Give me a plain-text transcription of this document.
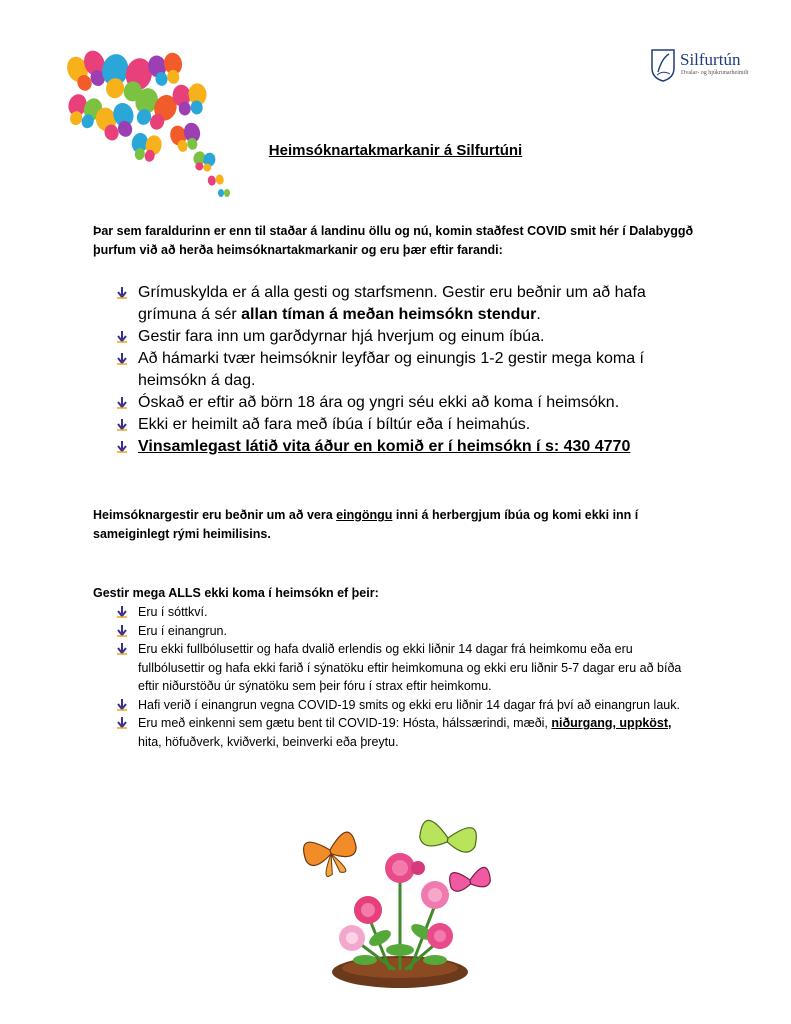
Silfurtún
Dvalar- og hjúkrunarheimili
Heimsóknartakmarkanir á Silfurtúni
Þar sem faraldurinn er enn til staðar á landinu öllu og nú, komin staðfest COVID smit hér í Dalabyggð þurfum við að herða heimsóknartakmarkanir og eru þær eftir farandi:
Grímuskylda er á alla gesti og starfsmenn. Gestir eru beðnir um að hafa grímuna á sér allan tíman á meðan heimsókn stendur.
Gestir fara inn um garðdyrnar hjá hverjum og einum íbúa.
Að hámarki tvær heimsóknir leyfðar og einungis 1-2 gestir mega koma í heimsókn á dag.
Óskað er eftir að börn 18 ára og yngri séu ekki að koma í heimsókn.
Ekki er heimilt að fara með íbúa í bíltúr eða í heimahús.
Vinsamlegast látið vita áður en komið er í heimsókn í s: 430 4770
Heimsóknargestir eru beðnir um að vera eingöngu inni á herbergjum íbúa og komi ekki inn í sameiginlegt rými heimilisins.
Gestir mega ALLS ekki koma í heimsókn ef þeir:
Eru í sóttkví.
Eru í einangrun.
Eru ekki fullbólusettir og hafa dvalið erlendis og ekki liðnir 14 dagar frá heimkomu eða eru fullbólusettir og hafa ekki farið í sýnatöku eftir heimkomuna og ekki eru liðnir 5-7 dagar eru að bíða eftir niðurstöðu úr sýnatöku sem þeir fóru í strax eftir heimkomu.
Hafi verið í einangrun vegna COVID-19 smits og ekki eru liðnir 14 dagar frá því að einangrun lauk.
Eru með einkenni sem gætu bent til COVID-19: Hósta, hálssærindi, mæði, niðurgang, uppköst, hita, höfuðverk, kviðverki, beinverki eða þreytu.
